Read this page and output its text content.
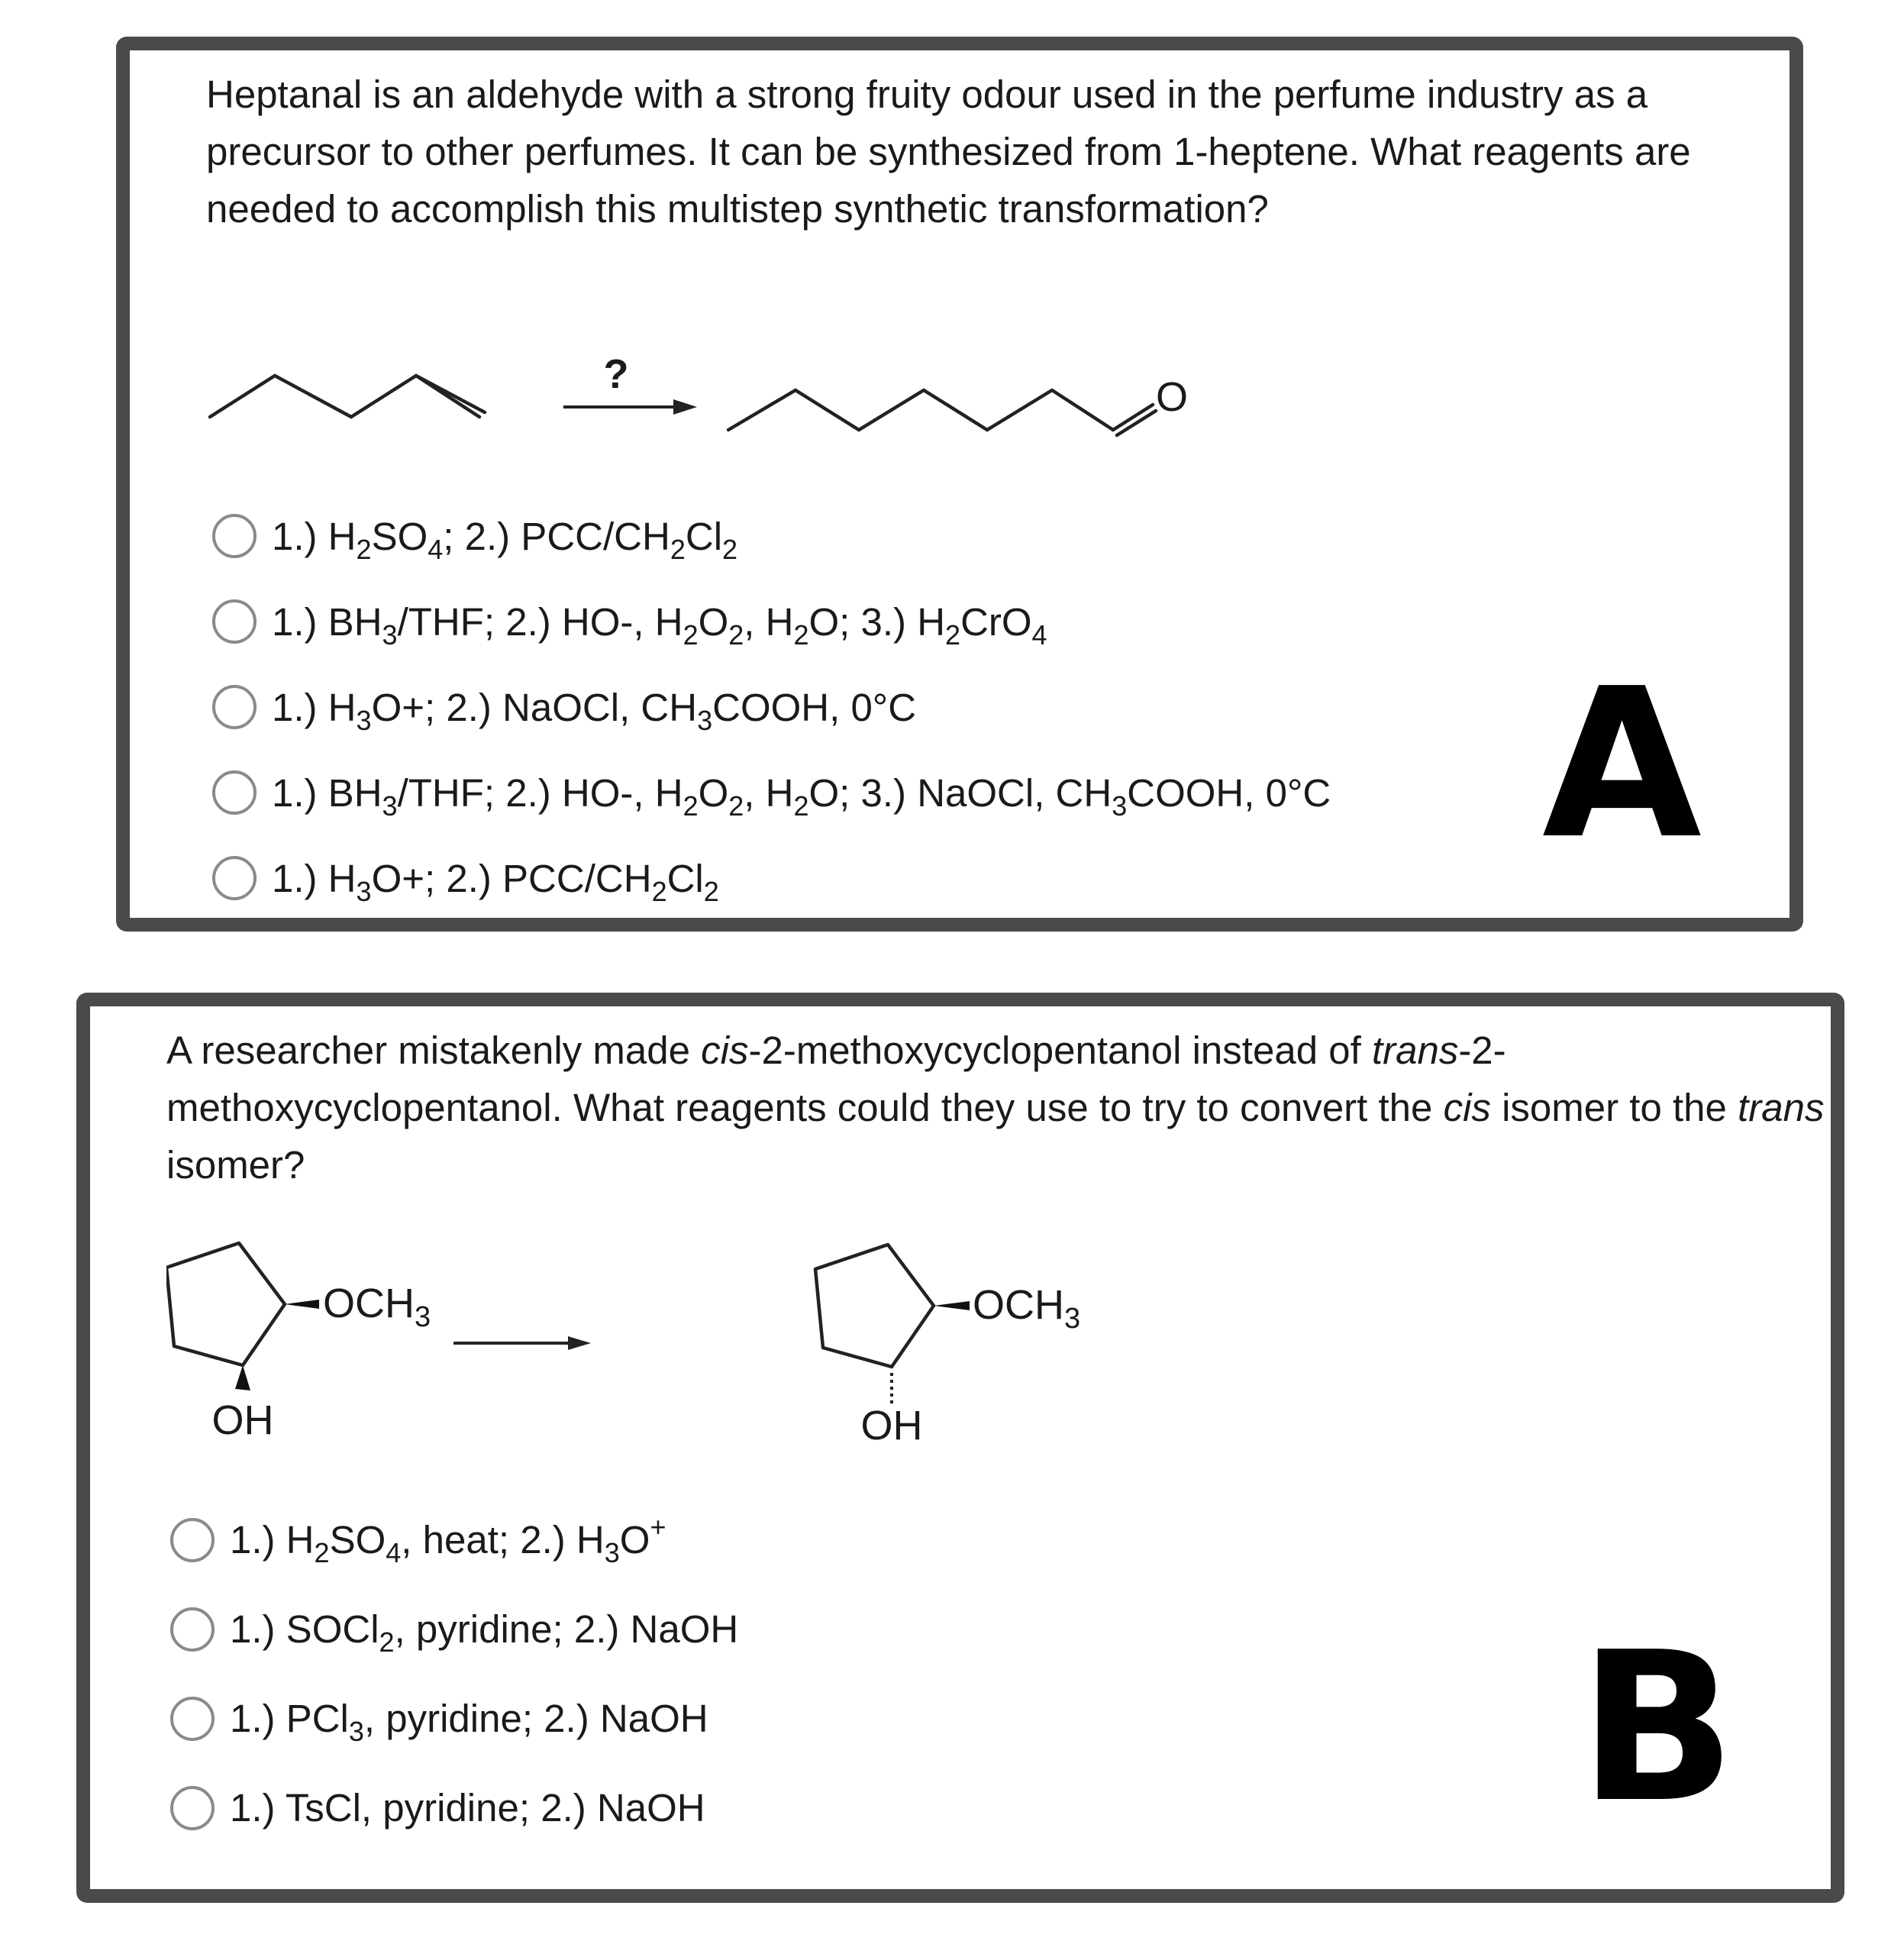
Heptanal is an aldehyde with a strong fruity odour used in the perfume industry as a precursor to other perfumes. It can be synthesized from 1-heptene. What reagents are needed to accomplish this multistep synthetic transformation?

?	O
1.) $H_2SO_4$; 2.) PCC/$CH_2Cl_2$
1.) $BH_3$/THF; 2.) HO-, $H_2O_2$, $H_2O$; 3.) $H_2CrO_4$
1.) $H_3O+$; 2.) NaOCl, $CH_3COOH$, 0°C
1.) $BH_3$/THF; 2.) HO-, $H_2O_2$, $H_2O$; 3.) NaOCl, $CH_3COOH$, 0°C
1.) $H_3O+$; 2.) PCC/$CH_2Cl_2$
A

A researcher mistakenly made cis-2-methoxycyclopentanol instead of trans-2-methoxycyclopentanol. What reagents could they use to try to convert the cis isomer to the trans isomer?

$OCH_3$
OH
$OCH_3$
OH
1.) $H_2SO_4$, heat; 2.) $H_3O^+$
1.) SOCl$_2$, pyridine; 2.) NaOH
1.) PCl$_3$, pyridine; 2.) NaOH
1.) TsCl, pyridine; 2.) NaOH	B
